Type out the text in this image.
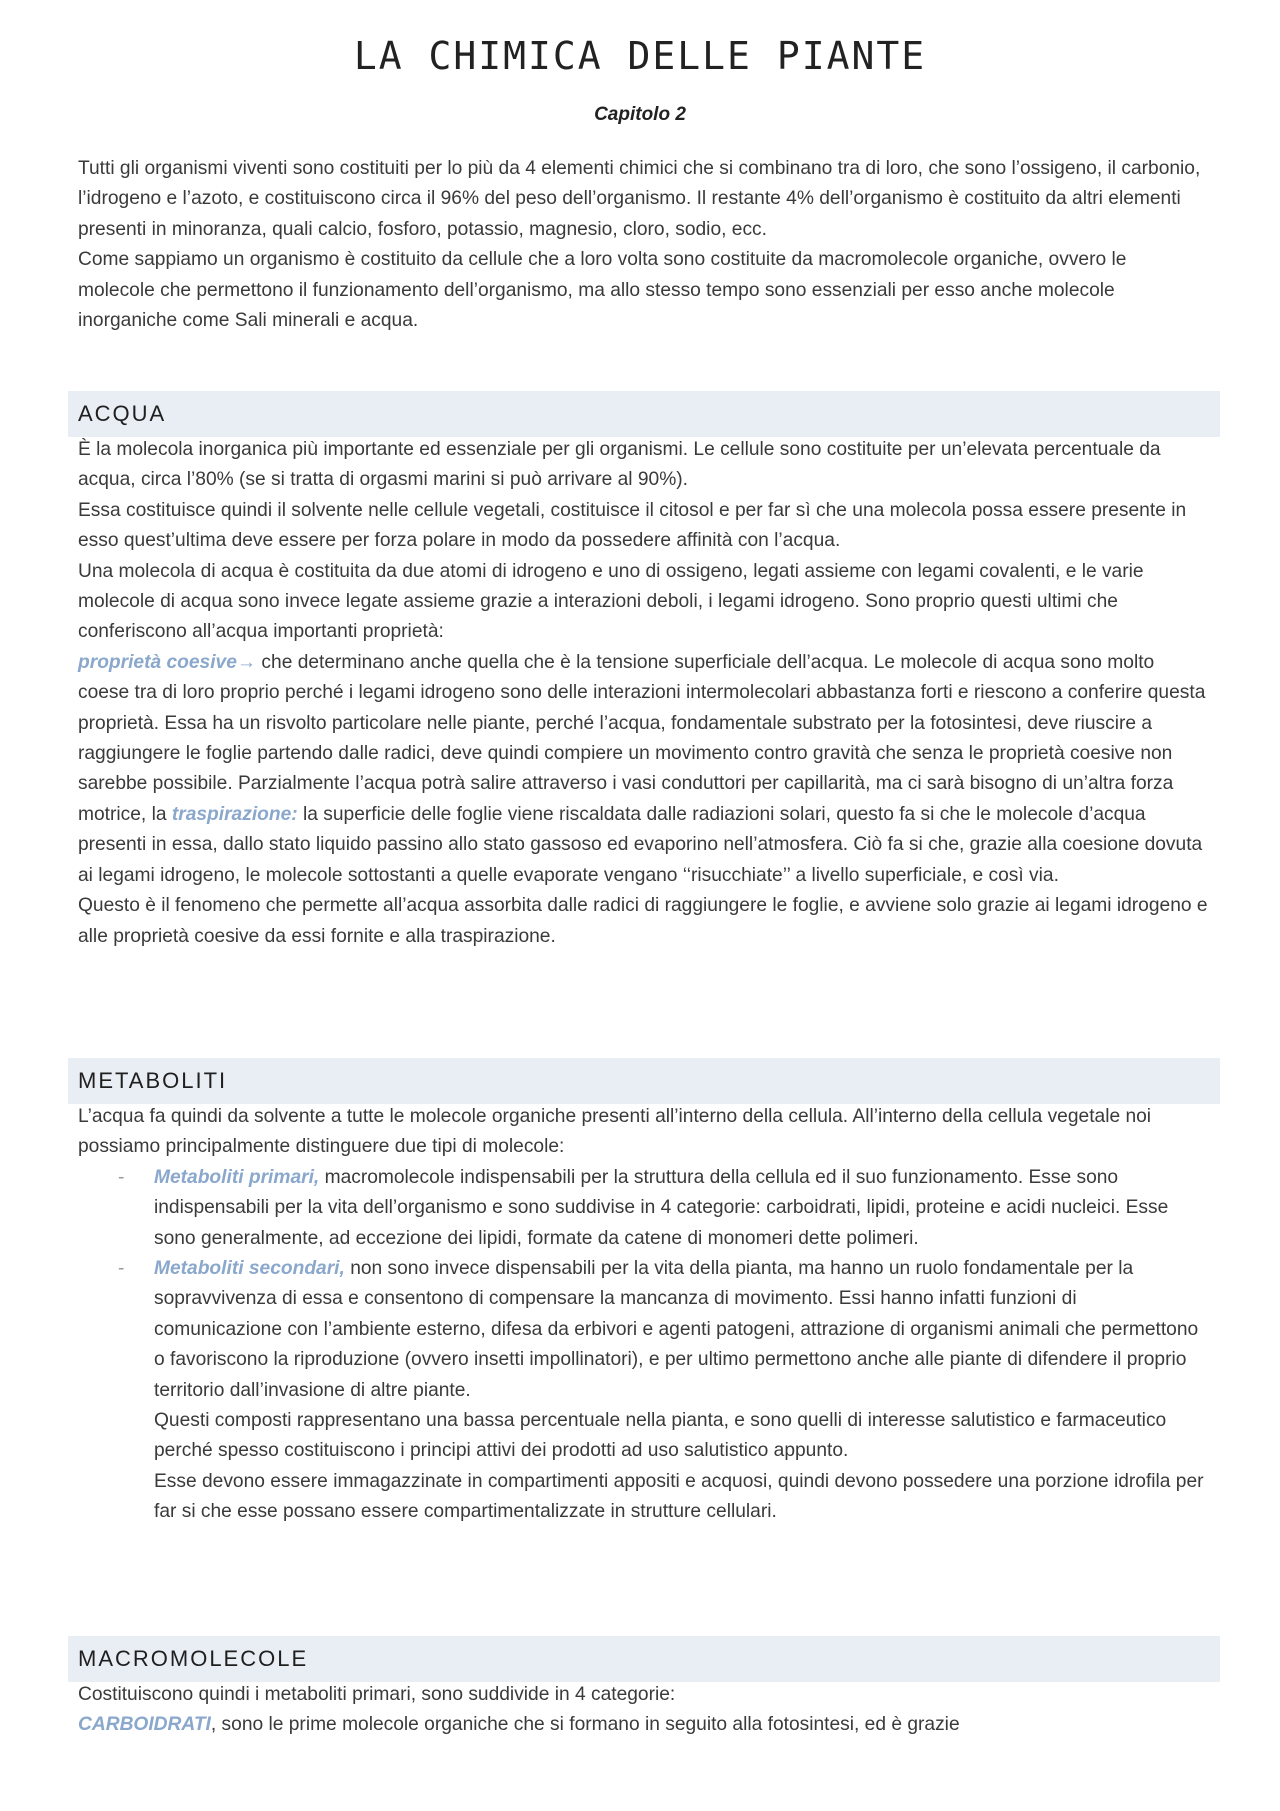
LA CHIMICA DELLE PIANTE
Capitolo 2

Tutti gli organismi viventi sono costituiti per lo più da 4 elementi chimici che si combinano tra di loro, che sono l’ossigeno, il carbonio, l’idrogeno e l’azoto, e costituiscono circa il 96% del peso dell’organismo. Il restante 4% dell’organismo è costituito da altri elementi presenti in minoranza, quali calcio, fosforo, potassio, magnesio, cloro, sodio, ecc.

Come sappiamo un organismo è costituito da cellule che a loro volta sono costituite da macromolecole organiche, ovvero le molecole che permettono il funzionamento dell’organismo, ma allo stesso tempo sono essenziali per esso anche molecole inorganiche come Sali minerali e acqua.

ACQUA

È la molecola inorganica più importante ed essenziale per gli organismi. Le cellule sono costituite per un’elevata percentuale da acqua, circa l’80% (se si tratta di orgasmi marini si può arrivare al 90%).

Essa costituisce quindi il solvente nelle cellule vegetali, costituisce il citosol e per far sì che una molecola possa essere presente in esso quest’ultima deve essere per forza polare in modo da possedere affinità con l’acqua.

Una molecola di acqua è costituita da due atomi di idrogeno e uno di ossigeno, legati assieme con legami covalenti, e le varie molecole di acqua sono invece legate assieme grazie a interazioni deboli, i legami idrogeno. Sono proprio questi ultimi che conferiscono all’acqua importanti proprietà:

proprietà coesive→ che determinano anche quella che è la tensione superficiale dell’acqua. Le molecole di acqua sono molto coese tra di loro proprio perché i legami idrogeno sono delle interazioni intermolecolari abbastanza forti e riescono a conferire questa proprietà. Essa ha un risvolto particolare nelle piante, perché l’acqua, fondamentale substrato per la fotosintesi, deve riuscire a raggiungere le foglie partendo dalle radici, deve quindi compiere un movimento contro gravità che senza le proprietà coesive non sarebbe possibile. Parzialmente l’acqua potrà salire attraverso i vasi conduttori per capillarità, ma ci sarà bisogno di un’altra forza motrice, la traspirazione: la superficie delle foglie viene riscaldata dalle radiazioni solari, questo fa si che le molecole d’acqua presenti in essa, dallo stato liquido passino allo stato gassoso ed evaporino nell’atmosfera. Ciò fa si che, grazie alla coesione dovuta ai legami idrogeno, le molecole sottostanti a quelle evaporate vengano ‘‘risucchiate’’ a livello superficiale, e così via.

Questo è il fenomeno che permette all’acqua assorbita dalle radici di raggiungere le foglie, e avviene solo grazie ai legami idrogeno e alle proprietà coesive da essi fornite e alla traspirazione.

METABOLITI

L’acqua fa quindi da solvente a tutte le molecole organiche presenti all’interno della cellula. All’interno della cellula vegetale noi possiamo principalmente distinguere due tipi di molecole:

- Metaboliti primari, macromolecole indispensabili per la struttura della cellula ed il suo funzionamento. Esse sono indispensabili per la vita dell’organismo e sono suddivise in 4 categorie: carboidrati, lipidi, proteine e acidi nucleici. Esse sono generalmente, ad eccezione dei lipidi, formate da catene di monomeri dette polimeri.

- Metaboliti secondari, non sono invece dispensabili per la vita della pianta, ma hanno un ruolo fondamentale per la sopravvivenza di essa e consentono di compensare la mancanza di movimento. Essi hanno infatti funzioni di comunicazione con l’ambiente esterno, difesa da erbivori e agenti patogeni, attrazione di organismi animali che permettono o favoriscono la riproduzione (ovvero insetti impollinatori), e per ultimo permettono anche alle piante di difendere il proprio territorio dall’invasione di altre piante.

Questi composti rappresentano una bassa percentuale nella pianta, e sono quelli di interesse salutistico e farmaceutico perché spesso costituiscono i principi attivi dei prodotti ad uso salutistico appunto.

Esse devono essere immagazzinate in compartimenti appositi e acquosi, quindi devono possedere una porzione idrofila per far si che esse possano essere compartimentalizzate in strutture cellulari.

MACROMOLECOLE

Costituiscono quindi i metaboliti primari, sono suddivide in 4 categorie:

CARBOIDRATI, sono le prime molecole organiche che si formano in seguito alla fotosintesi, ed è grazie
